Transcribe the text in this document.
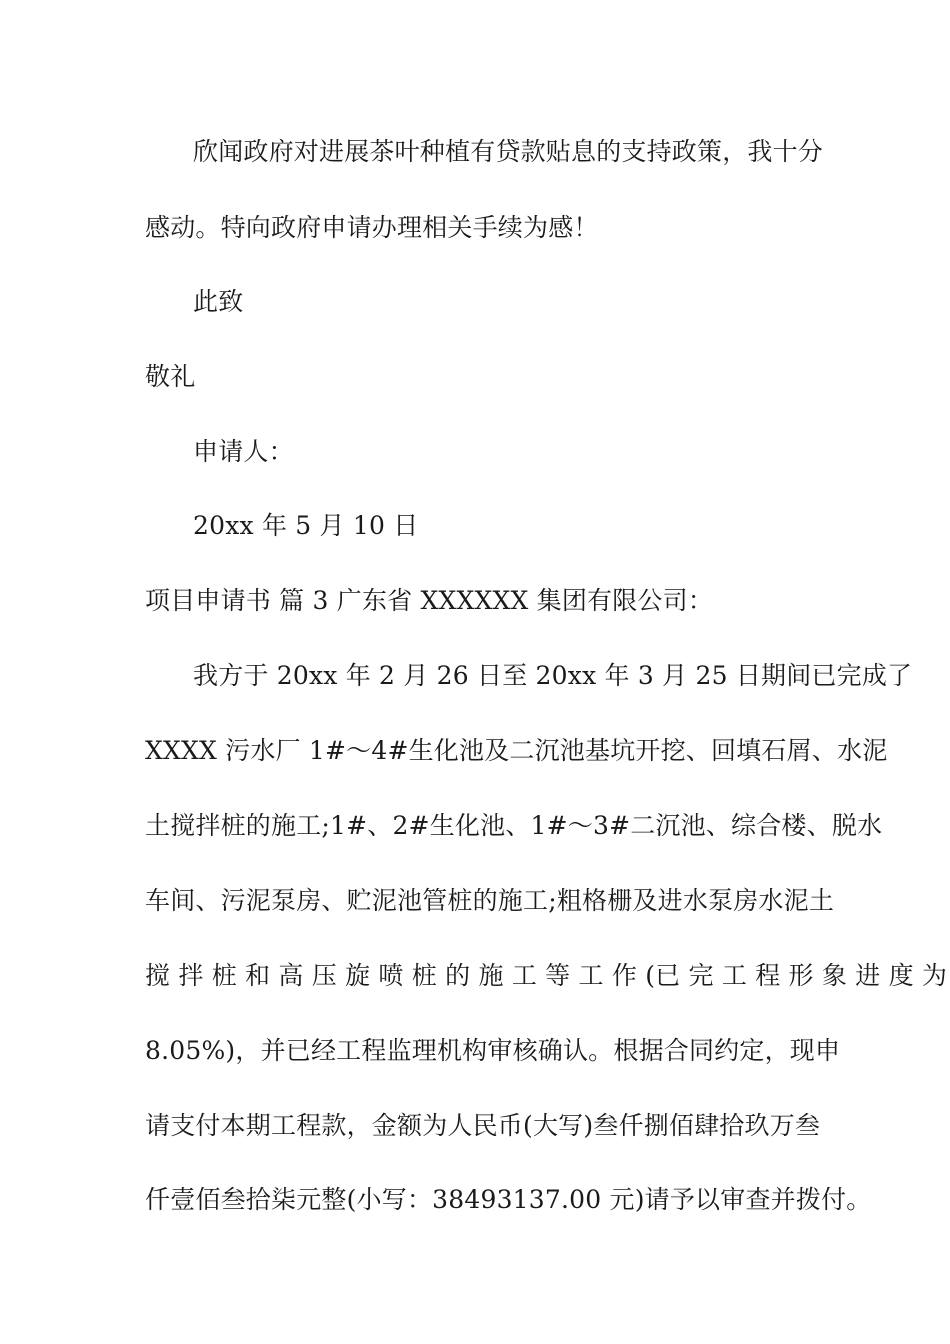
欣闻政府对进展茶叶种植有贷款贴息的支持政策，我十分
感动。特向政府申请办理相关手续为感！
此致
敬礼
申请人：
20xx 年 5 月 10 日
项目申请书 篇 3 广东省 XXXXXX 集团有限公司：
我方于 20xx 年 2 月 26 日至 20xx 年 3 月 25 日期间已完成了
XXXX 污水厂 1#～4#生化池及二沉池基坑开挖、回填石屑、水泥
土搅拌桩的施工;1#、2#生化池、1#～3#二沉池、综合楼、脱水
车间、污泥泵房、贮泥池管桩的施工;粗格栅及进水泵房水泥土
搅 拌 桩 和 高 压 旋 喷 桩 的 施 工 等 工 作 (已 完 工 程 形 象 进 度 为
8.05%)，并已经工程监理机构审核确认。根据合同约定，现申
请支付本期工程款，金额为人民币(大写)叁仟捌佰肆拾玖万叁
仟壹佰叁拾柒元整(小写：38493137.00 元)请予以审查并拨付。
